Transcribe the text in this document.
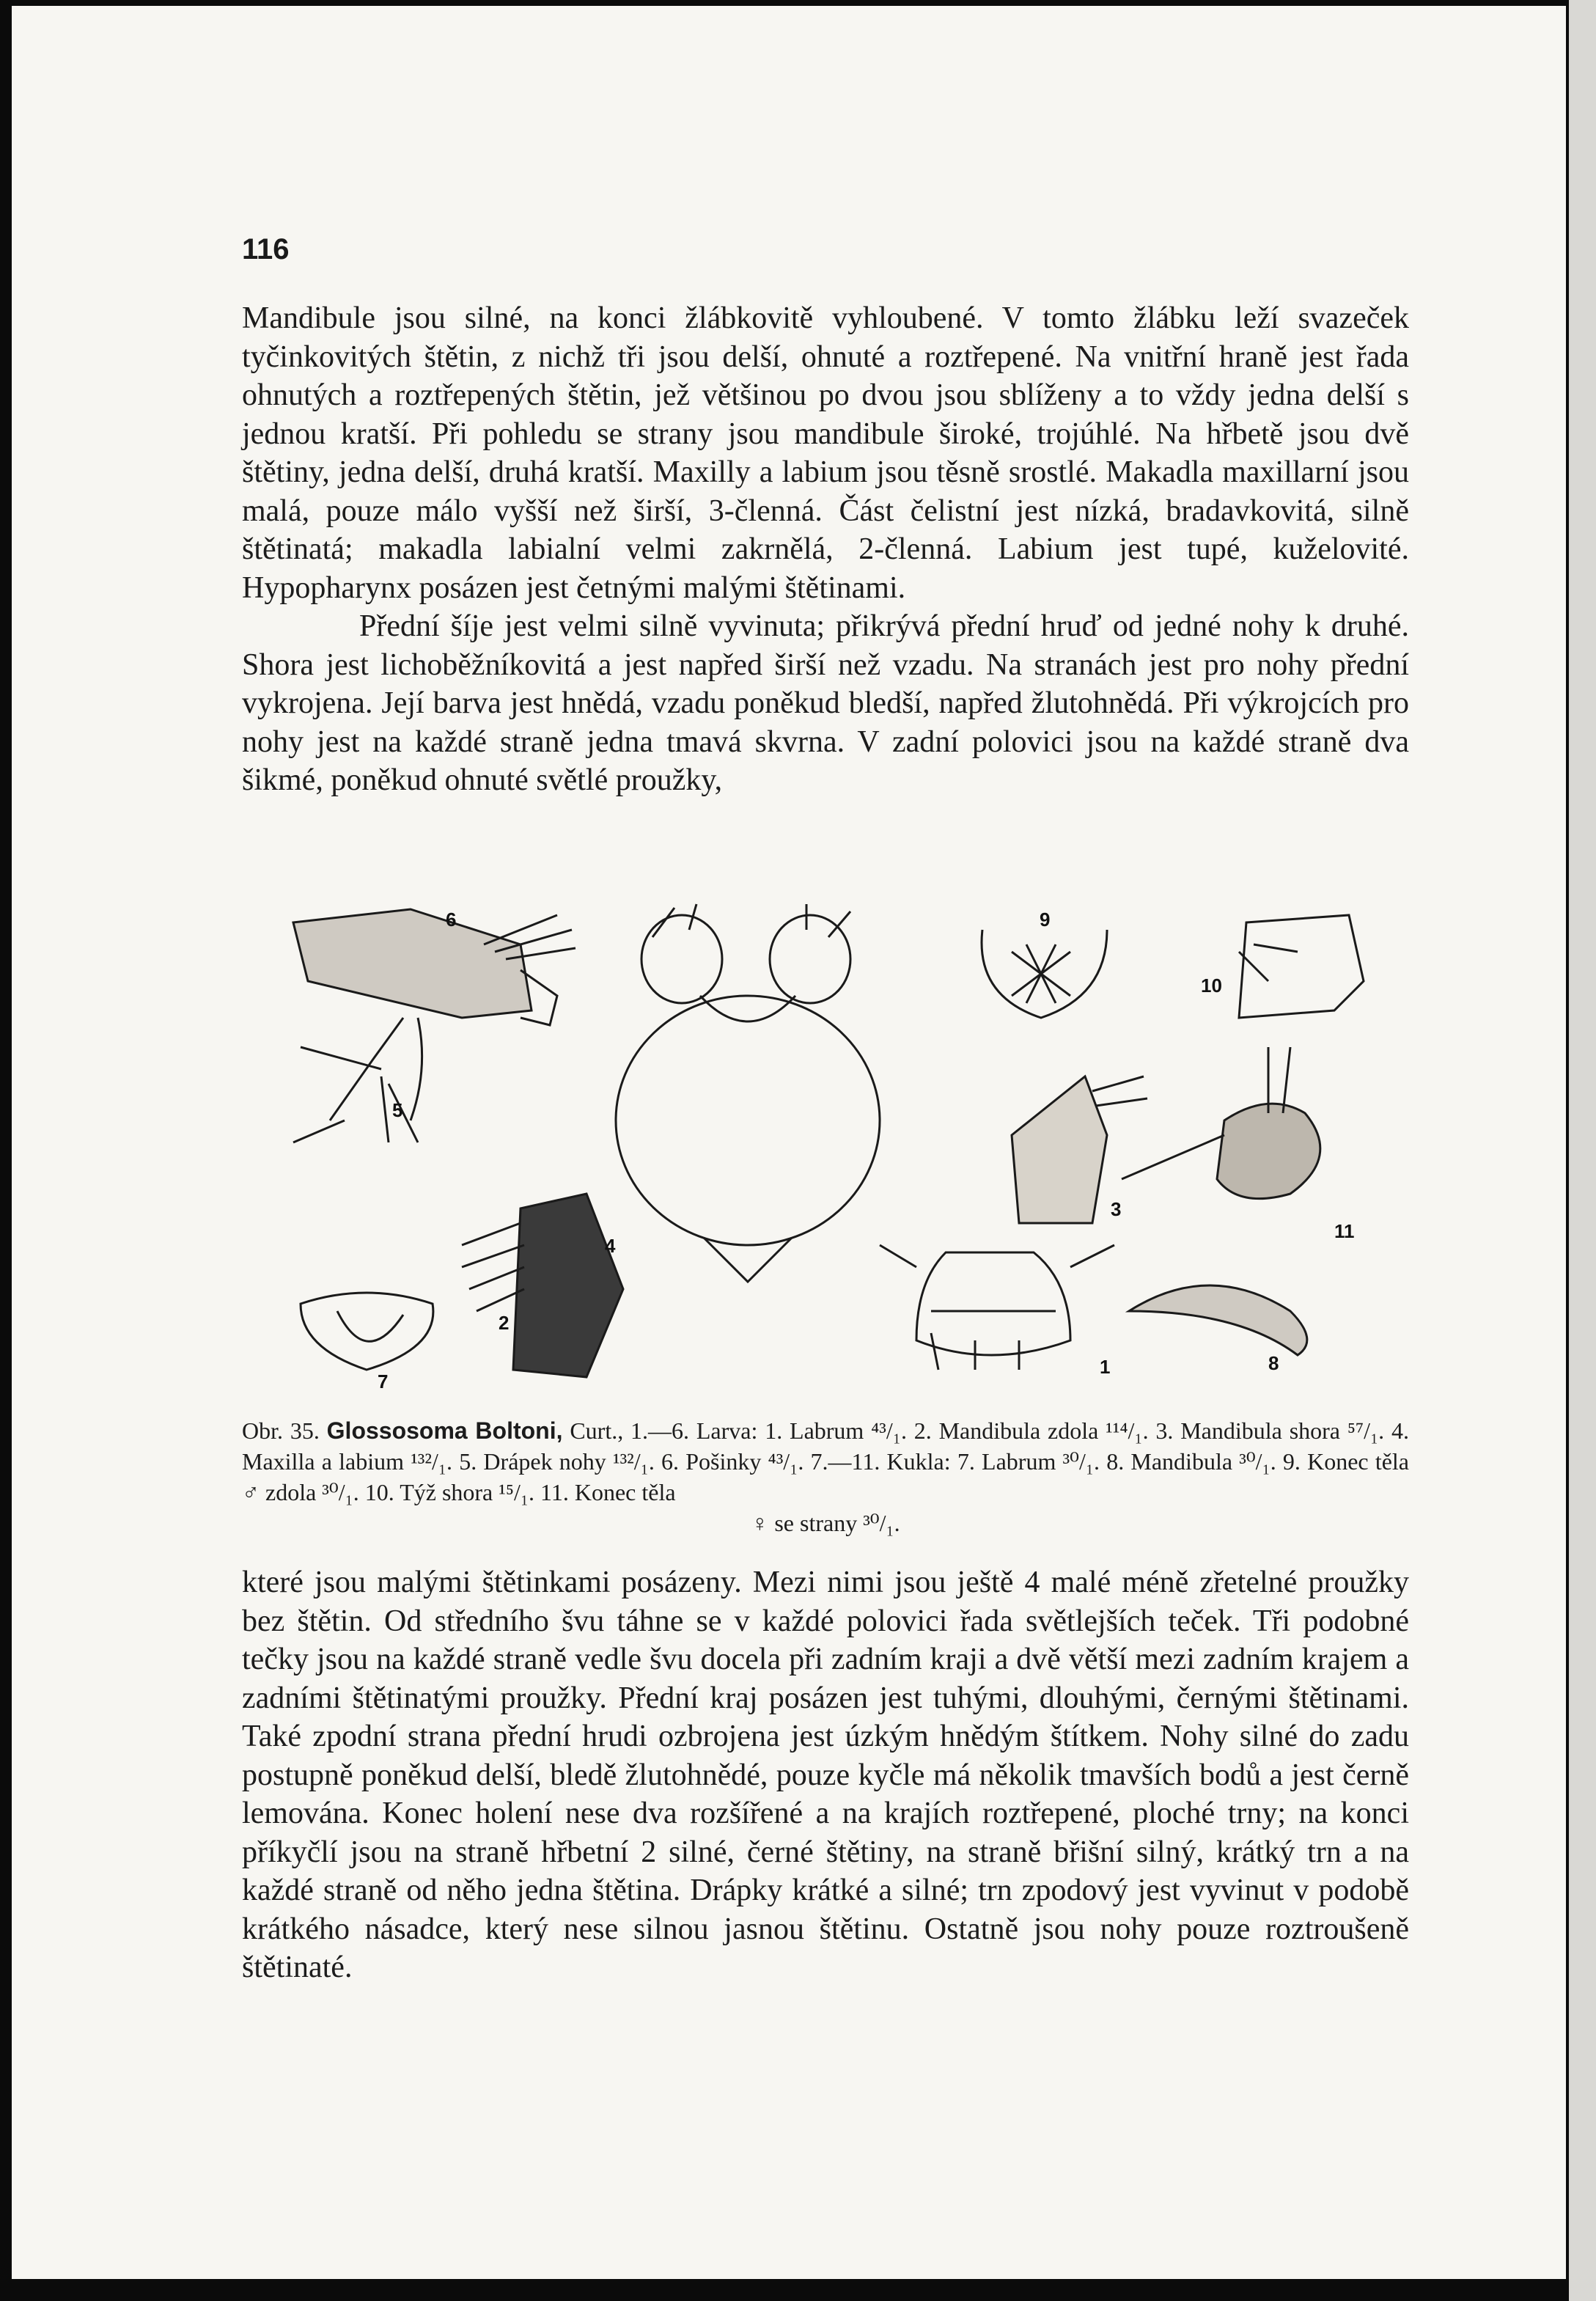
116

Mandibule jsou silné, na konci žlábkovitě vyhloubené. V tomto žlábku leží svazeček tyčinkovitých štětin, z nichž tři jsou delší, ohnuté a roztřepené. Na vnitřní hraně jest řada ohnutých a roztřepených štětin, jež většinou po dvou jsou sblíženy a to vždy jedna delší s jednou kratší. Při pohledu se strany jsou mandibule široké, trojúhlé. Na hřbetě jsou dvě štětiny, jedna delší, druhá kratší. Maxilly a labium jsou těsně srostlé. Makadla maxillarní jsou malá, pouze málo vyšší než širší, 3-členná. Část čelistní jest nízká, bradavkovitá, silně štětinatá; makadla labialní velmi zakrnělá, 2-členná. Labium jest tupé, kuželovité. Hypopharynx posázen jest četnými malými štětinami.

Přední šíje jest velmi silně vyvinuta; přikrývá přední hruď od jedné nohy k druhé. Shora jest lichoběžníkovitá a jest napřed širší než vzadu. Na stranách jest pro nohy přední vykrojena. Její barva jest hnědá, vzadu poněkud bledší, napřed žlutohnědá. Při výkrojcích pro nohy jest na každé straně jedna tmavá skvrna. V zadní polovici jsou na každé straně dva šikmé, poněkud ohnuté světlé proužky,

6
5
2
4
7
9
3
1
10
11
8
Obr. 35. Glossosoma Boltoni, Curt., 1.—6. Larva: 1. Labrum ⁴³/₁. 2. Mandibula zdola ¹¹⁴/₁. 3. Mandibula shora ⁵⁷/₁. 4. Maxilla a labium ¹³²/₁. 5. Drápek nohy ¹³²/₁. 6. Pošinky ⁴³/₁. 7.—11. Kukla: 7. Labrum ³⁰/₁. 8. Mandibula ³⁰/₁. 9. Konec těla ♂ zdola ³⁰/₁. 10. Týž shora ¹⁵/₁. 11. Konec těla
♀ se strany ³⁰/₁.

které jsou malými štětinkami posázeny. Mezi nimi jsou ještě 4 malé méně zřetelné proužky bez štětin. Od středního švu táhne se v každé polovici řada světlejších teček. Tři podobné tečky jsou na každé straně vedle švu docela při zadním kraji a dvě větší mezi zadním krajem a zadními štětinatými proužky. Přední kraj posázen jest tuhými, dlouhými, černými štětinami. Také zpodní strana přední hrudi ozbrojena jest úzkým hnědým štítkem. Nohy silné do zadu postupně poněkud delší, bledě žlutohnědé, pouze kyčle má několik tmavších bodů a jest černě lemována. Konec holení nese dva rozšířené a na krajích roztřepené, ploché trny; na konci příkyčlí jsou na straně hřbetní 2 silné, černé štětiny, na straně břišní silný, krátký trn a na každé straně od něho jedna štětina. Drápky krátké a silné; trn zpodový jest vyvinut v podobě krátkého násadce, který nese silnou jasnou štětinu. Ostatně jsou nohy pouze roztroušeně štětinaté.
